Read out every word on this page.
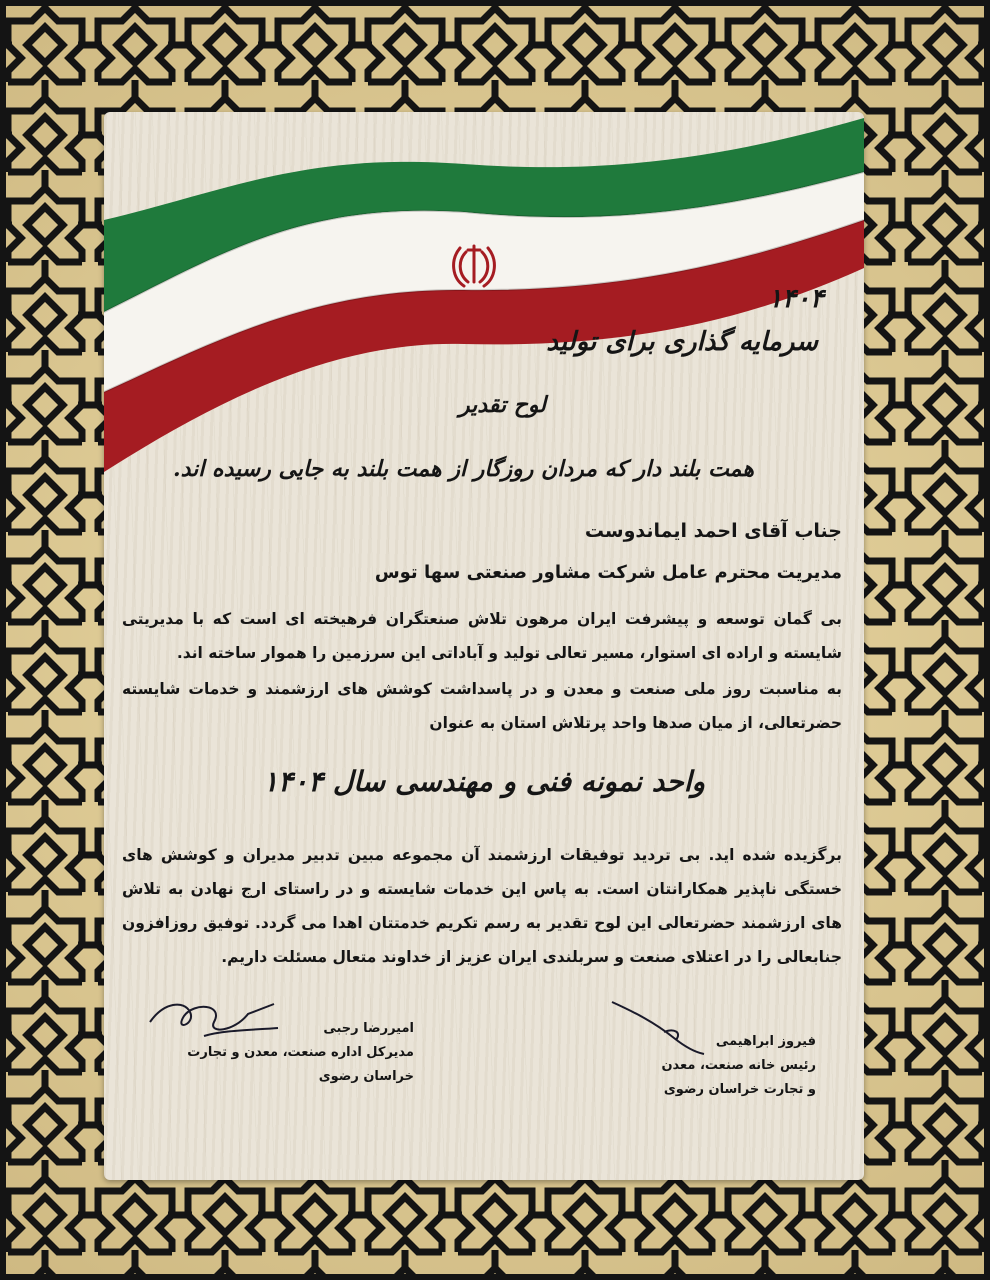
۱۴۰۴
سرمایه گذاری برای تولید
لوح تقدیر
همت بلند دار که مردان روزگار از همت بلند به جایی رسیده اند.
جناب آقای احمد ایماندوست
مدیریت محترم عامل شرکت مشاور صنعتی سها توس
بی گمان توسعه و پیشرفت ایران مرهون تلاش صنعتگران فرهیخته ای است که با مدیریتی شایسته و اراده ای استوار، مسیر تعالی تولید و آباداتی این سرزمین را هموار ساخته اند.
به مناسبت روز ملی صنعت و معدن و در پاسداشت کوشش های ارزشمند و خدمات شایسته حضرتعالی، از میان صدها واحد پرتلاش استان به عنوان
واحد نمونه فنی و مهندسی سال ۱۴۰۴
برگزیده شده اید. بی تردید توفیقات ارزشمند آن مجموعه مبین تدبیر مدیران و کوشش های خستگی ناپذیر همکارانتان است. به پاس این خدمات شایسته و در راستای ارج نهادن به تلاش های ارزشمند حضرتعالی این لوح تقدیر به رسم تکریم خدمتتان اهدا می گردد. توفیق روزافزون جنابعالی را در اعتلای صنعت و سربلندی ایران عزیز از خداوند متعال مسئلت داریم.
امیررضا رجبی
مدیرکل اداره صنعت، معدن و تجارت
خراسان رضوی
فیروز ابراهیمی
رئیس خانه صنعت، معدن
و تجارت خراسان رضوی
